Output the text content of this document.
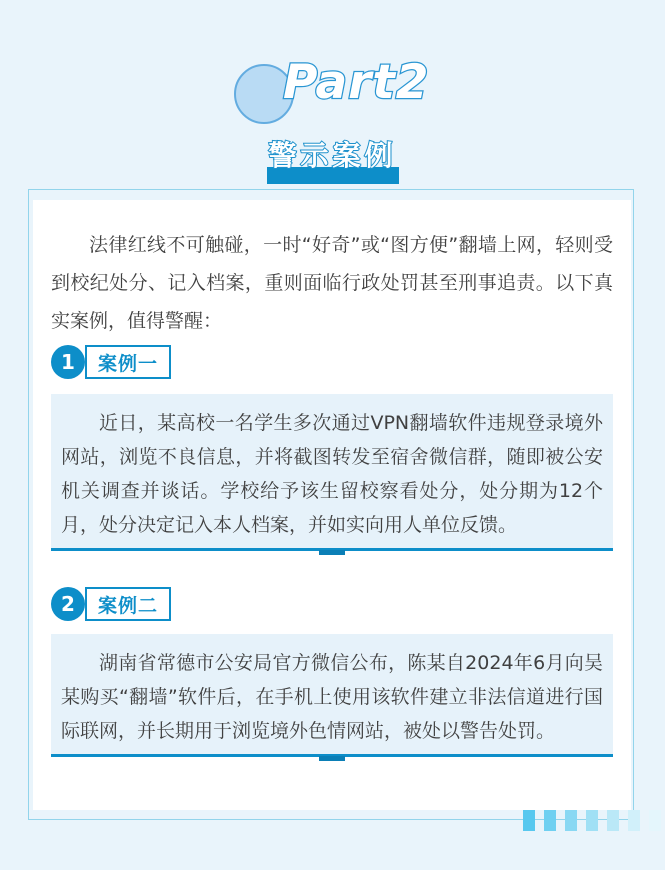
Part2
警示案例

法律红线不可触碰，一时“好奇”或“图方便”翻墙上网，轻则受到校纪处分、记入档案，重则面临行政处罚甚至刑事追责。以下真实案例，值得警醒：

1	案例一

近日，某高校一名学生多次通过VPN翻墙软件违规登录境外网站，浏览不良信息，并将截图转发至宿舍微信群，随即被公安机关调查并谈话。学校给予该生留校察看处分，处分期为12个月，处分决定记入本人档案，并如实向用人单位反馈。

2	案例二

湖南省常德市公安局官方微信公布，陈某自2024年6月向吴某购买“翻墙”软件后，在手机上使用该软件建立非法信道进行国际联网，并长期用于浏览境外色情网站，被处以警告处罚。
